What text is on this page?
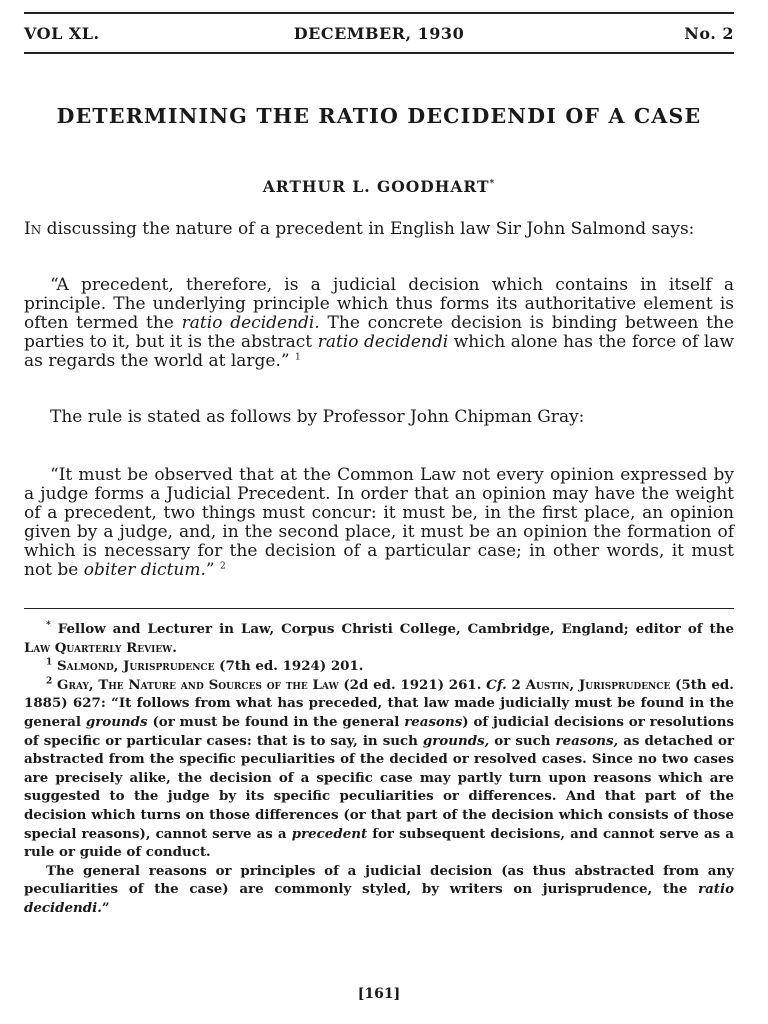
VOL XL.	DECEMBER, 1930	No. 2
DETERMINING THE RATIO DECIDENDI OF A CASE
ARTHUR L. GOODHART*
In discussing the nature of a precedent in English law Sir John Salmond says:
“A precedent, therefore, is a judicial decision which contains in itself a principle. The underlying principle which thus forms its authoritative element is often termed the ratio decidendi. The concrete decision is binding between the parties to it, but it is the abstract ratio decidendi which alone has the force of law as regards the world at large.” $^1$
The rule is stated as follows by Professor John Chipman Gray:
“It must be observed that at the Common Law not every opinion expressed by a judge forms a Judicial Precedent. In order that an opinion may have the weight of a precedent, two things must concur: it must be, in the first place, an opinion given by a judge, and, in the second place, it must be an opinion the formation of which is necessary for the decision of a particular case; in other words, it must not be obiter dictum.” $^2$

* Fellow and Lecturer in Law, Corpus Christi College, Cambridge, England; editor of the Law Quarterly Review.

$^1$ Salmond, Jurisprudence (7th ed. 1924) 201.

$^2$ Gray, The Nature and Sources of the Law (2d ed. 1921) 261. Cf. 2 Austin, Jurisprudence (5th ed. 1885) 627: “It follows from what has preceded, that law made judicially must be found in the general grounds (or must be found in the general reasons) of judicial decisions or resolutions of specific or particular cases: that is to say, in such grounds, or such reasons, as detached or abstracted from the specific peculiarities of the decided or resolved cases. Since no two cases are precisely alike, the decision of a specific case may partly turn upon reasons which are suggested to the judge by its specific peculiarities or differences. And that part of the decision which turns on those differences (or that part of the decision which consists of those special reasons), cannot serve as a precedent for subsequent decisions, and cannot serve as a rule or guide of conduct.

The general reasons or principles of a judicial decision (as thus abstracted from any peculiarities of the case) are commonly styled, by writers on jurisprudence, the ratio decidendi.”

[161]
